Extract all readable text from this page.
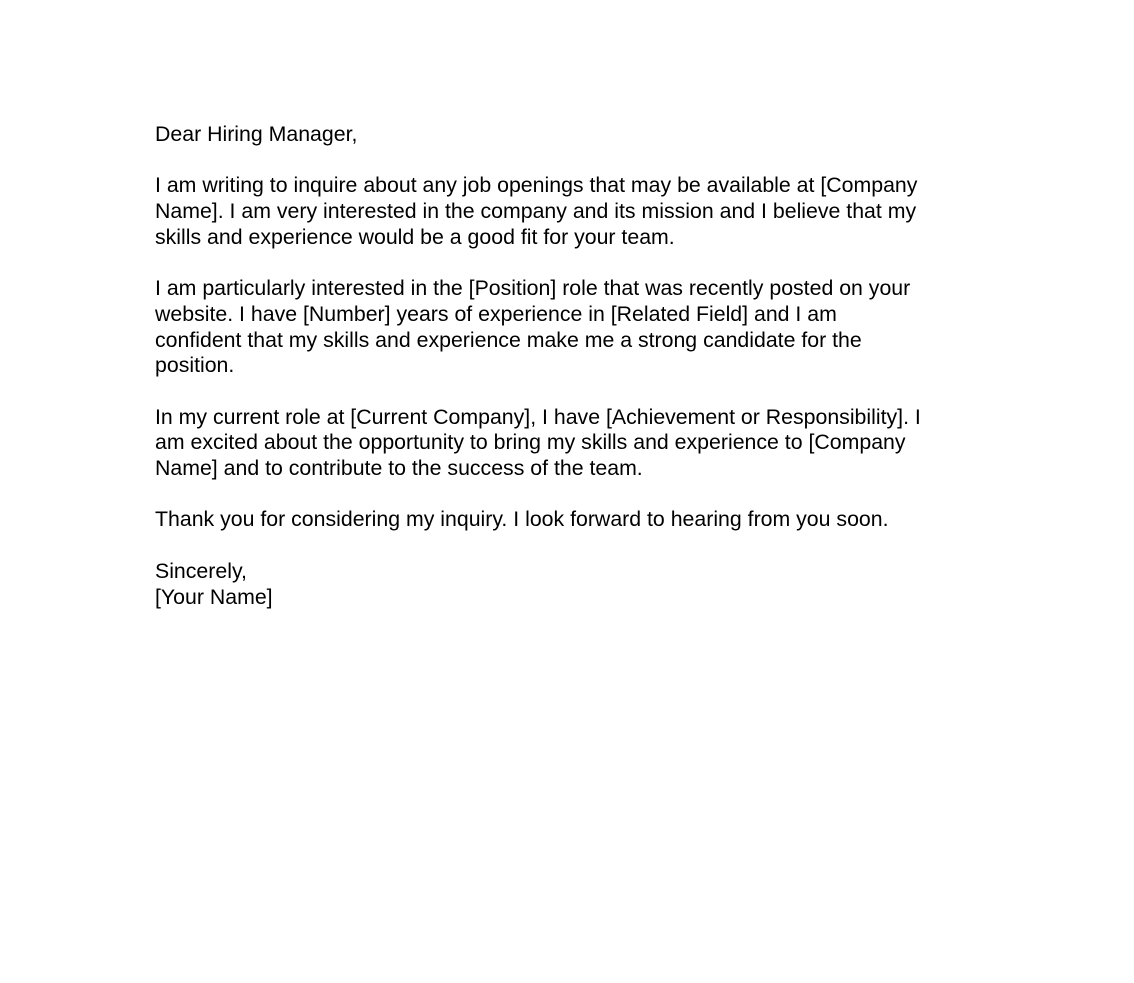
Dear Hiring Manager,
I am writing to inquire about any job openings that may be available at [Company
Name]. I am very interested in the company and its mission and I believe that my
skills and experience would be a good fit for your team.
I am particularly interested in the [Position] role that was recently posted on your
website. I have [Number] years of experience in [Related Field] and I am
confident that my skills and experience make me a strong candidate for the
position.
In my current role at [Current Company], I have [Achievement or Responsibility]. I
am excited about the opportunity to bring my skills and experience to [Company
Name] and to contribute to the success of the team.
Thank you for considering my inquiry. I look forward to hearing from you soon.
Sincerely,
[Your Name]
